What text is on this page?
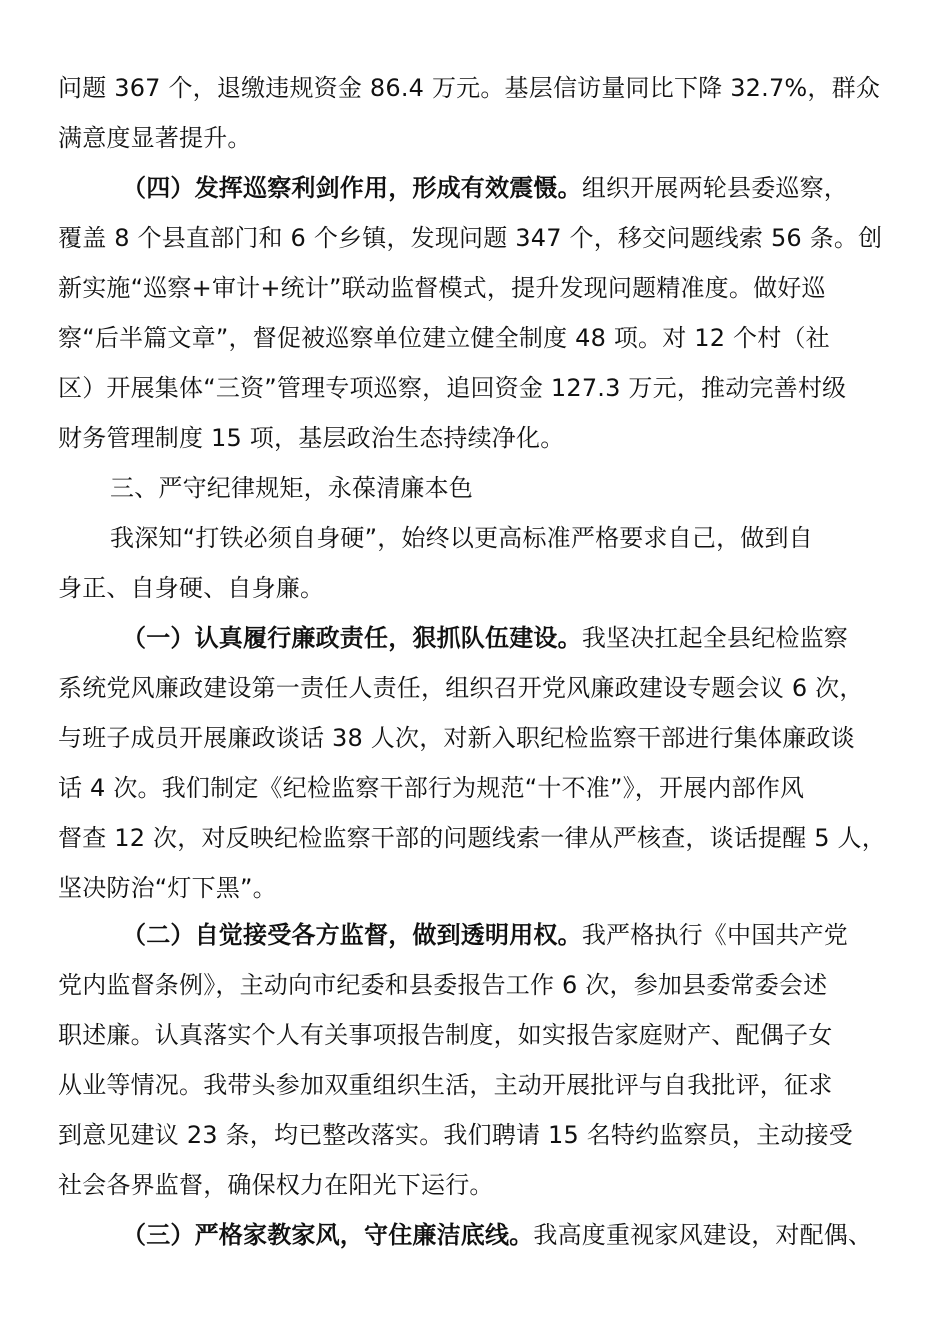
问题 367 个，退缴违规资金 86.4 万元。基层信访量同比下降 32.7%，群众
满意度显著提升。
（四）发挥巡察利剑作用，形成有效震慑。组织开展两轮县委巡察，
覆盖 8 个县直部门和 6 个乡镇，发现问题 347 个，移交问题线索 56 条。创
新实施“巡察+审计+统计”联动监督模式，提升发现问题精准度。做好巡
察“后半篇文章”，督促被巡察单位建立健全制度 48 项。对 12 个村（社
区）开展集体“三资”管理专项巡察，追回资金 127.3 万元，推动完善村级
财务管理制度 15 项，基层政治生态持续净化。
三、严守纪律规矩，永葆清廉本色
我深知“打铁必须自身硬”，始终以更高标准严格要求自己，做到自
身正、自身硬、自身廉。
（一）认真履行廉政责任，狠抓队伍建设。我坚决扛起全县纪检监察
系统党风廉政建设第一责任人责任，组织召开党风廉政建设专题会议 6 次，
与班子成员开展廉政谈话 38 人次，对新入职纪检监察干部进行集体廉政谈
话 4 次。我们制定《纪检监察干部行为规范“十不准”》，开展内部作风
督查 12 次，对反映纪检监察干部的问题线索一律从严核查，谈话提醒 5 人，
坚决防治“灯下黑”。
（二）自觉接受各方监督，做到透明用权。我严格执行《中国共产党
党内监督条例》，主动向市纪委和县委报告工作 6 次，参加县委常委会述
职述廉。认真落实个人有关事项报告制度，如实报告家庭财产、配偶子女
从业等情况。我带头参加双重组织生活，主动开展批评与自我批评，征求
到意见建议 23 条，均已整改落实。我们聘请 15 名特约监察员，主动接受
社会各界监督，确保权力在阳光下运行。
（三）严格家教家风，守住廉洁底线。我高度重视家风建设，对配偶、
